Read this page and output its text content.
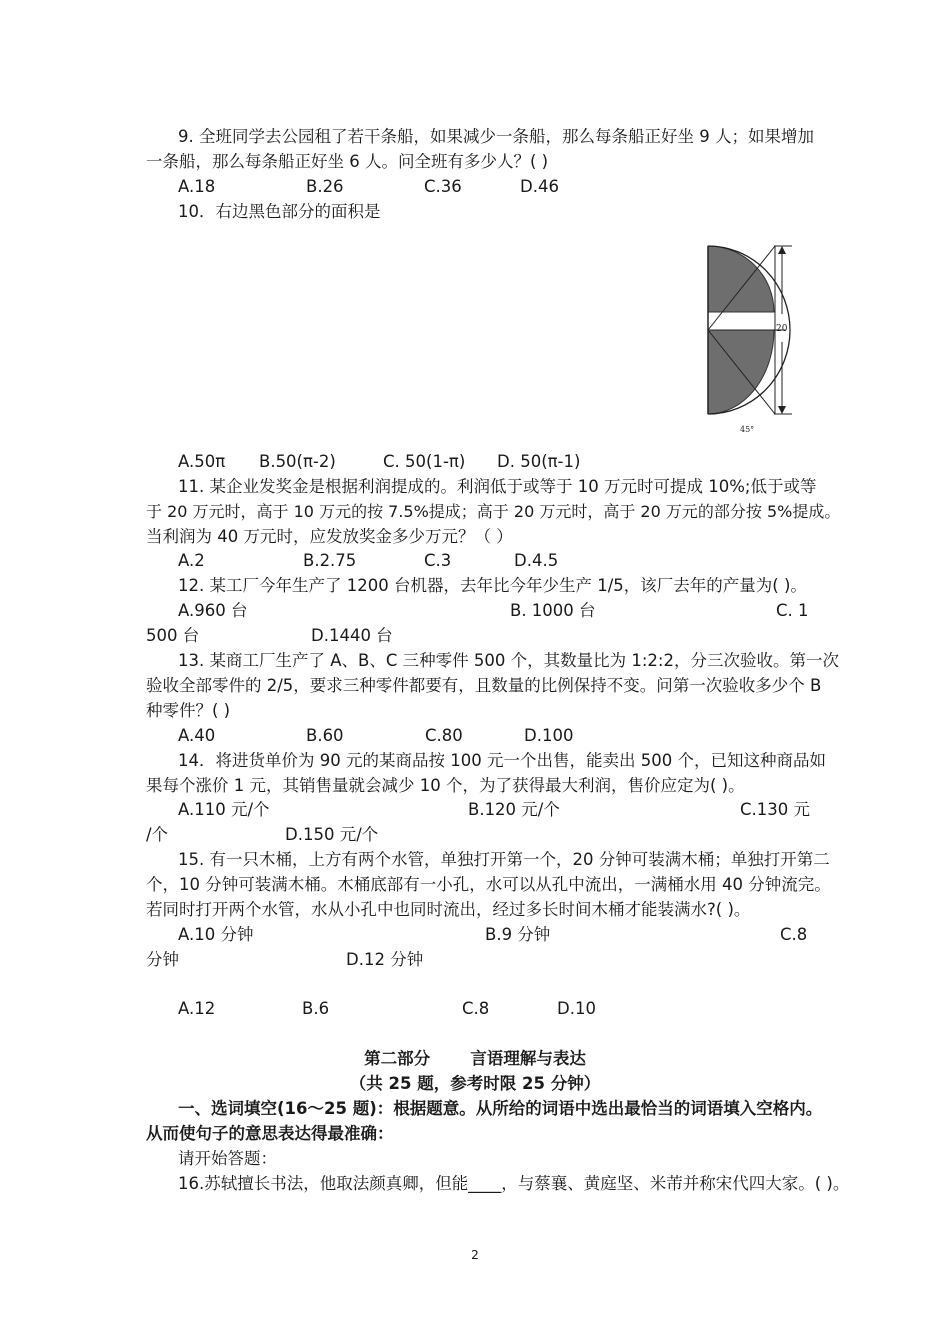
9. 全班同学去公园租了若干条船，如果减少一条船，那么每条船正好坐 9 人；如果增加
一条船，那么每条船正好坐 6 人。问全班有多少人？( )
A.18	B.26	C.36	D.46
10．右边黑色部分的面积是
20
45°
A.50π B.50(π-2)	C. 50(1-π) D. 50(π-1)
11. 某企业发奖金是根据利润提成的。利润低于或等于 10 万元时可提成 10%;低于或等
于 20 万元时，高于 10 万元的按 7.5%提成；高于 20 万元时，高于 20 万元的部分按 5%提成。
当利润为 40 万元时，应发放奖金多少万元？（ ）
A.2	B.2.75	C.3	D.4.5
12. 某工厂今年生产了 1200 台机器，去年比今年少生产 1/5，该厂去年的产量为( )。
A.960 台	B. 1000 台	C. 1
500 台	D.1440 台
13. 某商工厂生产了 A、B、C 三种零件 500 个，其数量比为 1:2:2，分三次验收。第一次
验收全部零件的 2/5，要求三种零件都要有，且数量的比例保持不变。问第一次验收多少个 B
种零件？( )
A.40	B.60	C.80	D.100
14．将进货单价为 90 元的某商品按 100 元一个出售，能卖出 500 个，已知这种商品如
果每个涨价 1 元，其销售量就会减少 10 个，为了获得最大利润，售价应定为( )。
A.110 元/个	B.120 元/个	C.130 元
/个	D.150 元/个
15. 有一只木桶，上方有两个水管，单独打开第一个，20 分钟可装满木桶；单独打开第二
个，10 分钟可装满木桶。木桶底部有一小孔，水可以从孔中流出，一满桶水用 40 分钟流完。
若同时打开两个水管，水从小孔中也同时流出，经过多长时间木桶才能装满水?( )。
A.10 分钟	B.9 分钟	C.8
分钟	D.12 分钟
A.12	B.6	C.8	D.10
第二部分       言语理解与表达
（共 25 题，参考时限 25 分钟）
一、选词填空(16～25 题)：根据题意。从所给的词语中选出最恰当的词语填入空格内。
从而使句子的意思表达得最准确：
请开始答题：
16.苏轼擅长书法，他取法颜真卿，但能____，与蔡襄、黄庭坚、米芾并称宋代四大家。( )。
2
